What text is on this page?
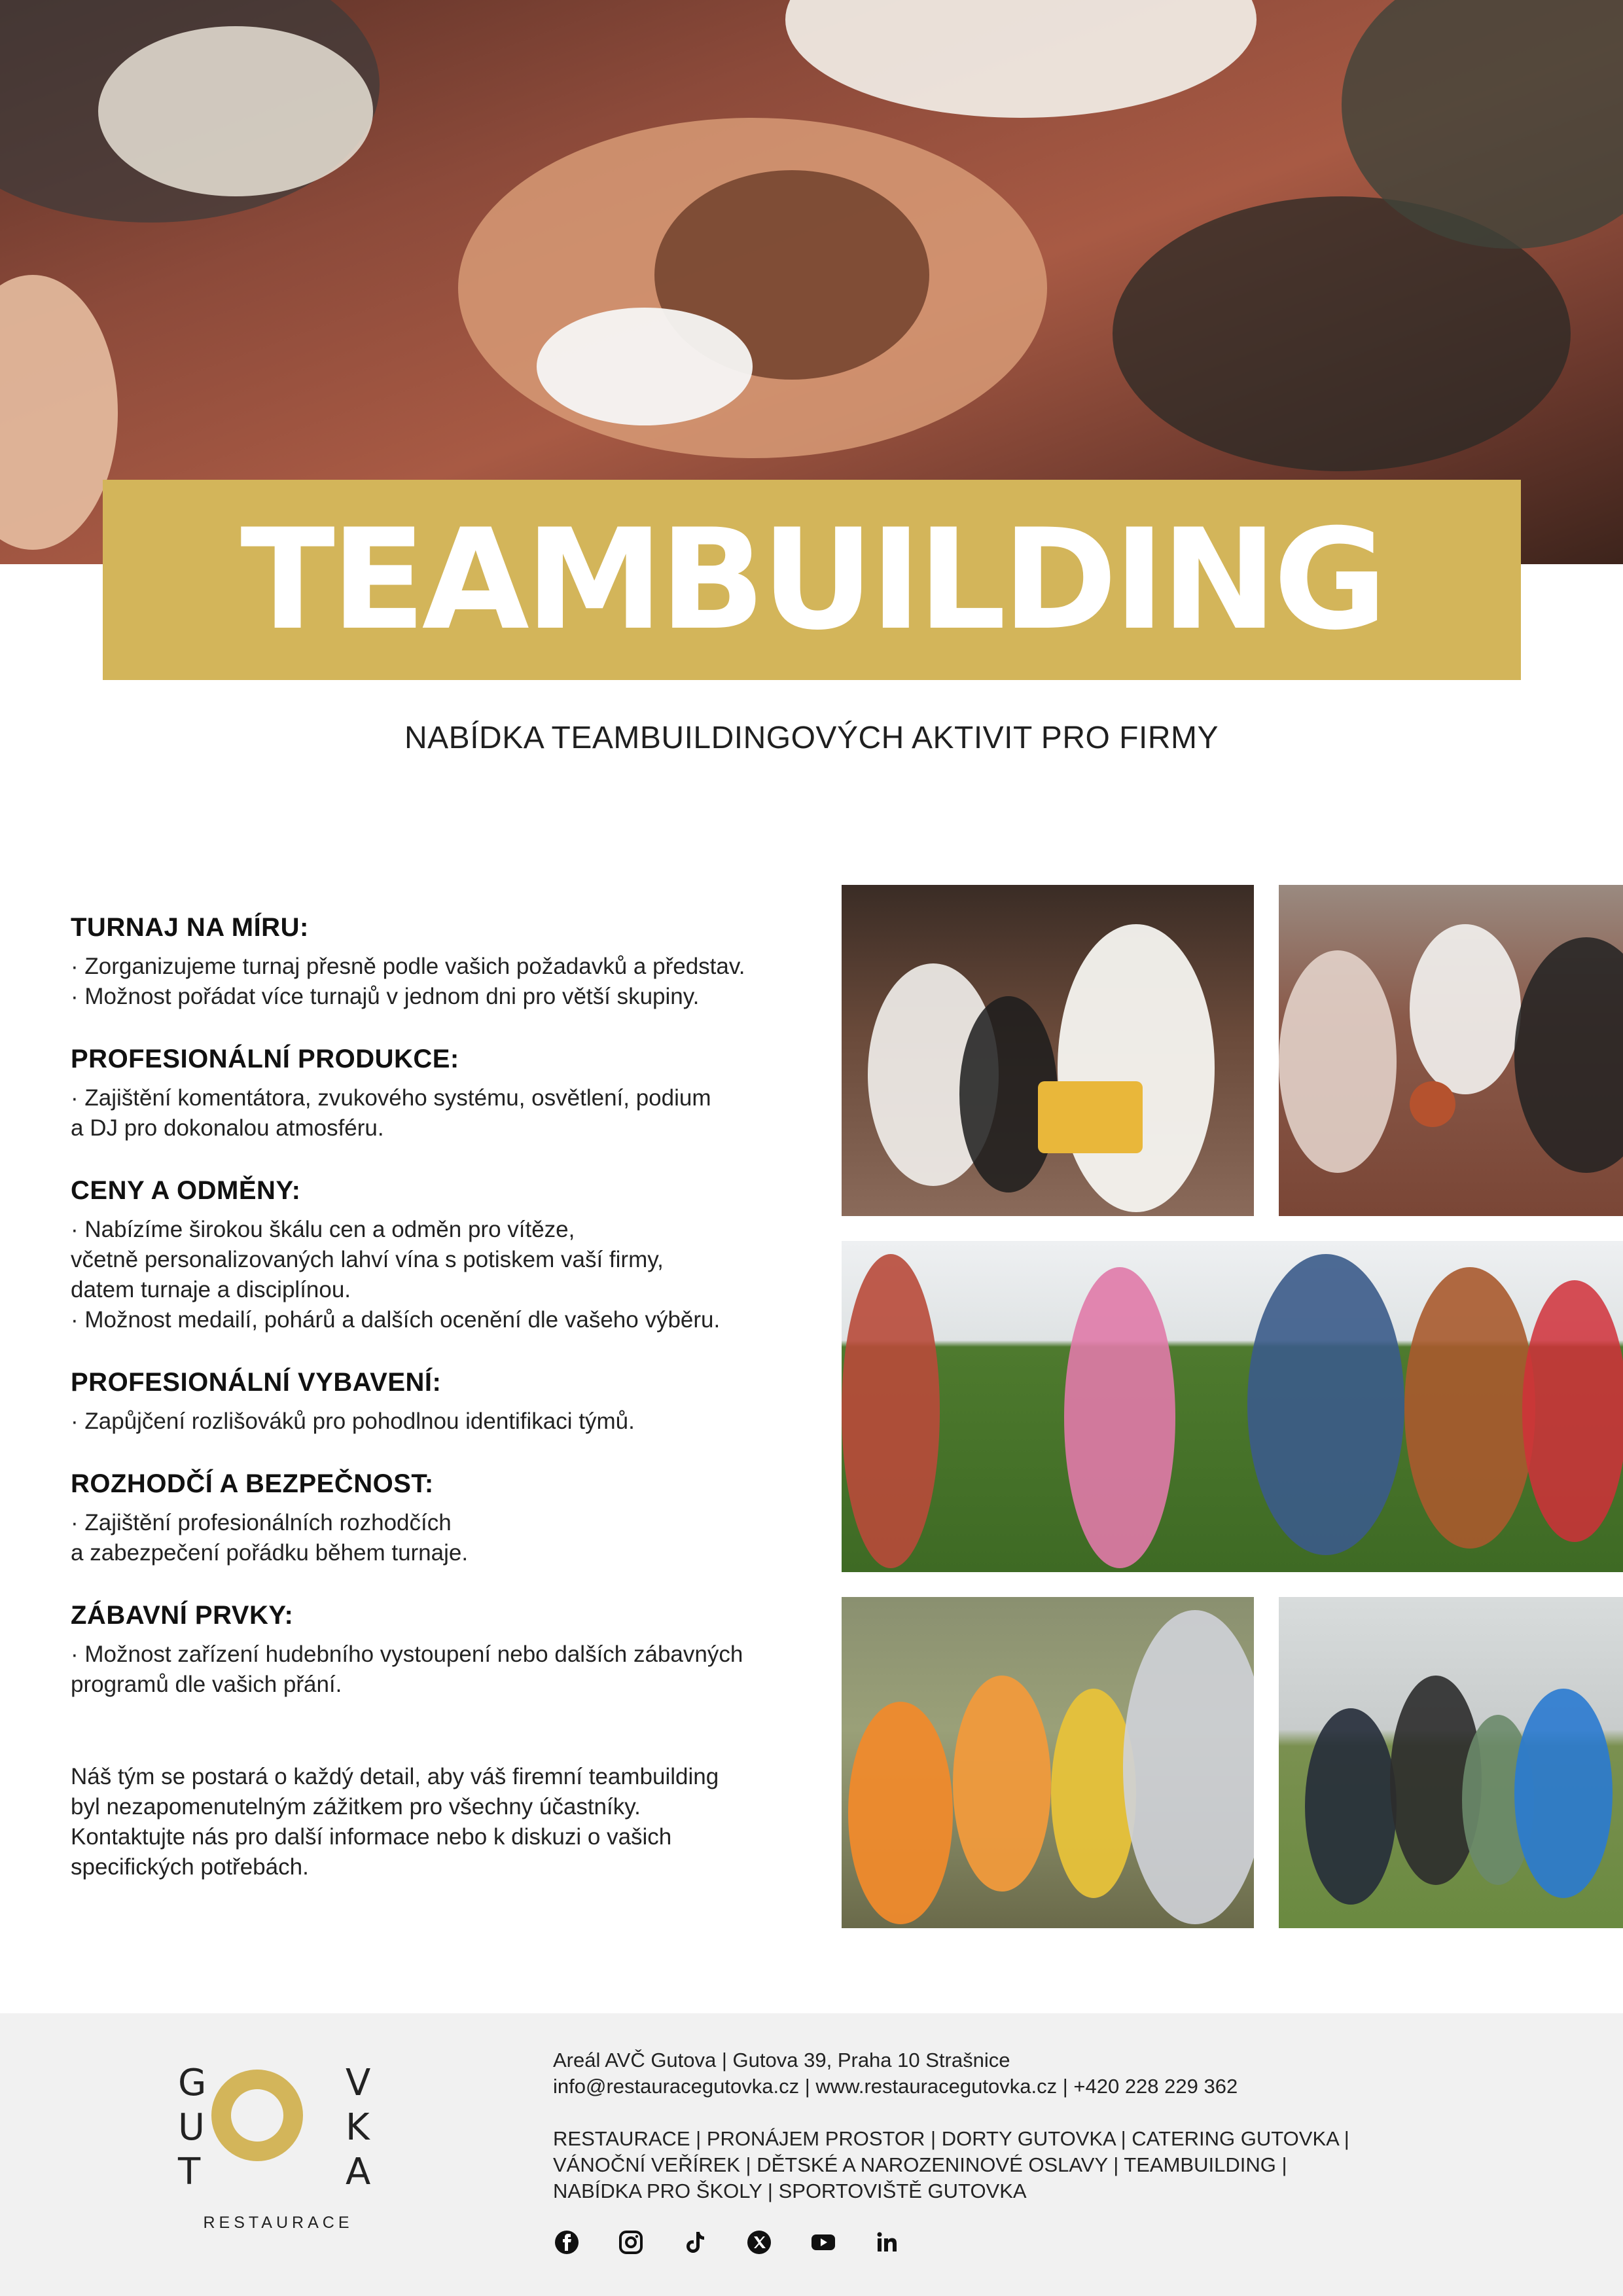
TEAMBUILDING
NABÍDKA TEAMBUILDINGOVÝCH AKTIVIT PRO FIRMY
TURNAJ NA MÍRU:

· Zorganizujeme turnaj přesně podle vašich požadavků a představ.

· Možnost pořádat více turnajů v jednom dni pro větší skupiny.

PROFESIONÁLNÍ PRODUKCE:

· Zajištění komentátora, zvukového systému, osvětlení, podium

a DJ pro dokonalou atmosféru.

CENY A ODMĚNY:

· Nabízíme širokou škálu cen a odměn pro vítěze,

včetně personalizovaných lahví vína s potiskem vaší firmy,

datem turnaje a disciplínou.

· Možnost medailí, pohárů a dalších ocenění dle vašeho výběru.

PROFESIONÁLNÍ VYBAVENÍ:

· Zapůjčení rozlišováků pro pohodlnou identifikaci týmů.

ROZHODČÍ A BEZPEČNOST:

· Zajištění profesionálních rozhodčích

a zabezpečení pořádku během turnaje.

ZÁBAVNÍ PRVKY:

· Možnost zařízení hudebního vystoupení nebo dalších zábavných

programů dle vašich přání.

Náš tým se postará o každý detail, aby váš firemní teambuilding

byl nezapomenutelným zážitkem pro všechny účastníky.

Kontaktujte nás pro další informace nebo k diskuzi o vašich

specifických potřebách.

G
U
T
V
K
A
RESTAURACE

Areál AVČ Gutova | Gutova 39, Praha 10 Strašnice

info@restauracegutovka.cz | www.restauracegutovka.cz | +420 228 229 362

RESTAURACE | PRONÁJEM PROSTOR | DORTY GUTOVKA | CATERING GUTOVKA |

VÁNOČNÍ VEŘÍREK | DĚTSKÉ A NAROZENINOVÉ OSLAVY | TEAMBUILDING |

NABÍDKA PRO ŠKOLY | SPORTOVIŠTĚ GUTOVKA
